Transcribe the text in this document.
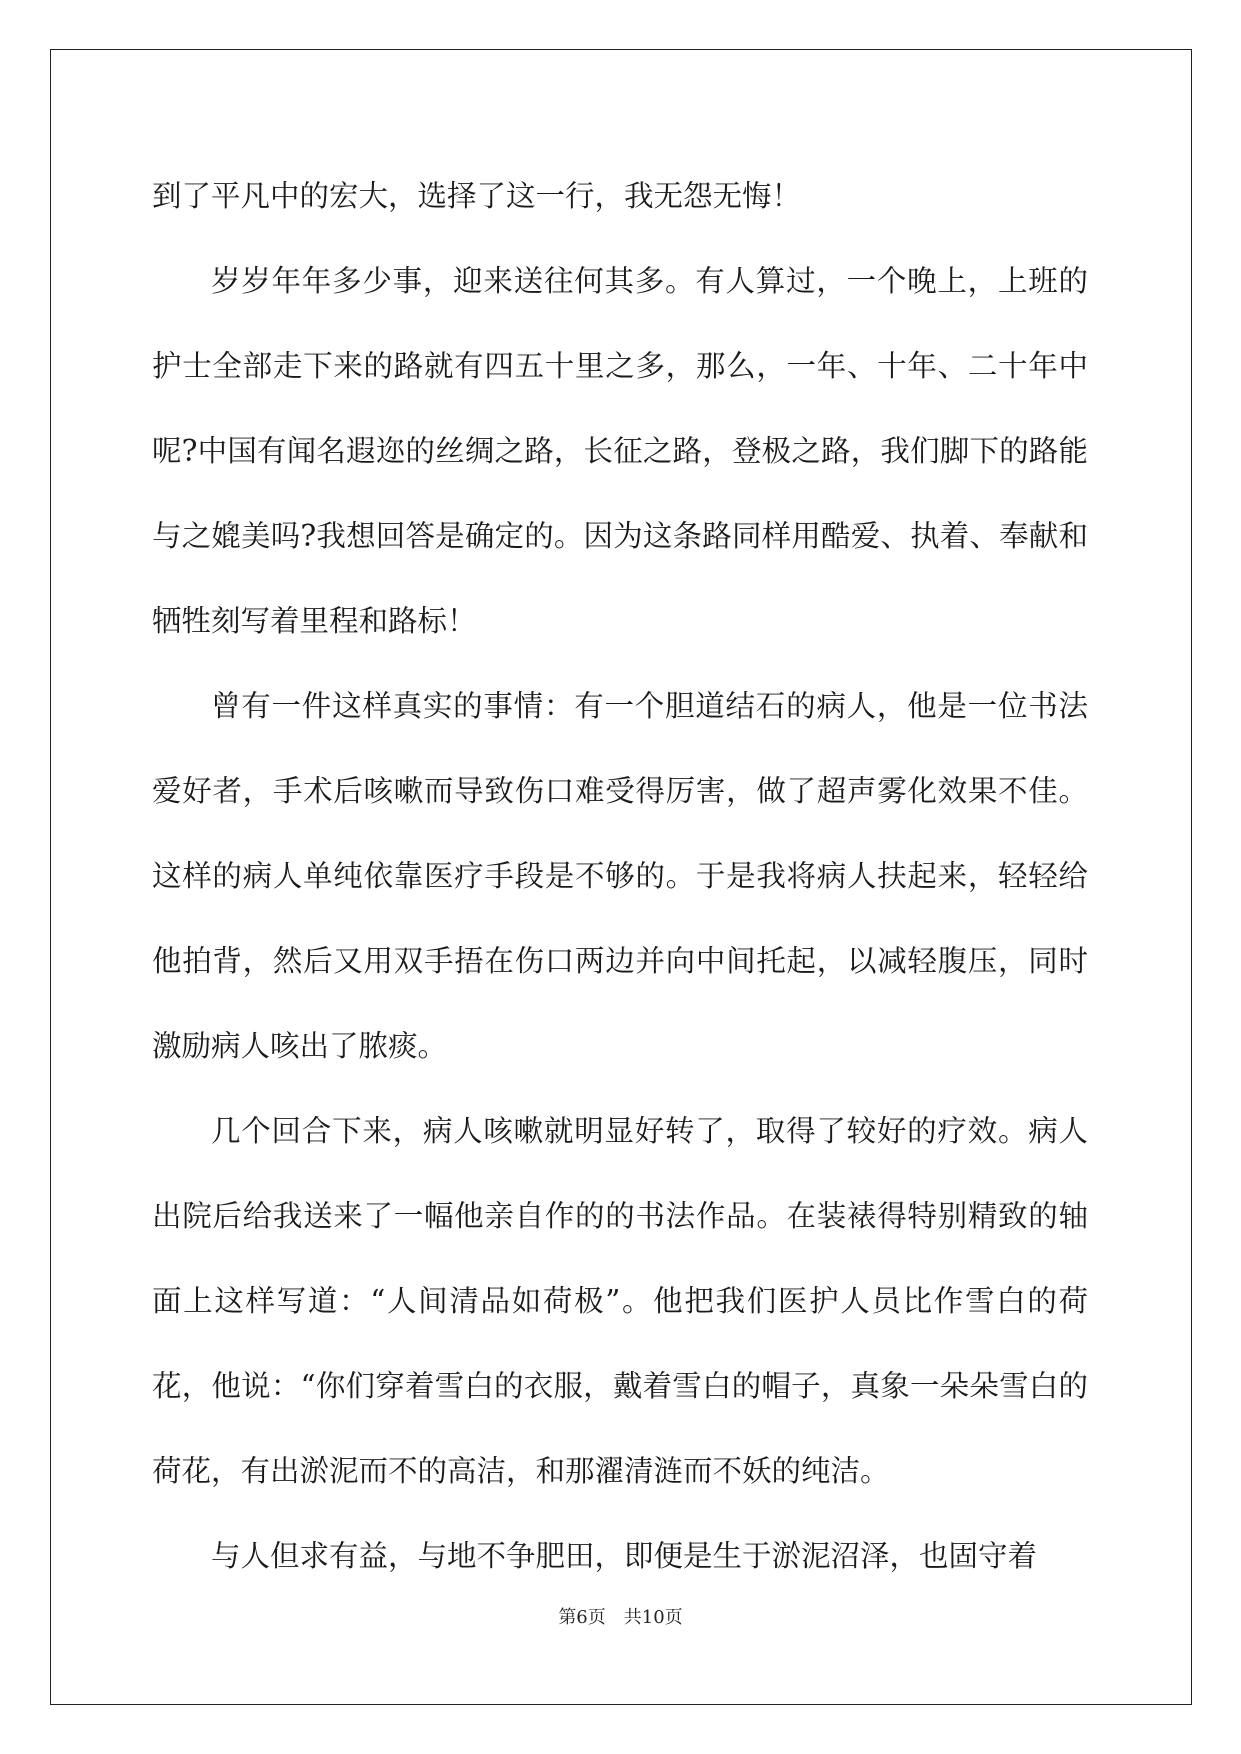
到了平凡中的宏大，选择了这一行，我无怨无悔！

岁岁年年多少事，迎来送往何其多。有人算过，一个晚上，上班的护士全部走下来的路就有四五十里之多，那么，一年、十年、二十年中呢?中国有闻名遐迩的丝绸之路，长征之路，登极之路，我们脚下的路能与之媲美吗?我想回答是确定的。因为这条路同样用酷爱、执着、奉献和牺牲刻写着里程和路标！

曾有一件这样真实的事情：有一个胆道结石的病人，他是一位书法爱好者，手术后咳嗽而导致伤口难受得厉害，做了超声雾化效果不佳。这样的病人单纯依靠医疗手段是不够的。于是我将病人扶起来，轻轻给他拍背，然后又用双手捂在伤口两边并向中间托起，以减轻腹压，同时激励病人咳出了脓痰。

几个回合下来，病人咳嗽就明显好转了，取得了较好的疗效。病人出院后给我送来了一幅他亲自作的的书法作品。在装裱得特别精致的轴面上这样写道：“人间清品如荷极”。他把我们医护人员比作雪白的荷花，他说：“你们穿着雪白的衣服，戴着雪白的帽子，真象一朵朵雪白的荷花，有出淤泥而不的高洁，和那濯清涟而不妖的纯洁。

与人但求有益，与地不争肥田，即便是生于淤泥沼泽，也固守着

第6页　共10页
